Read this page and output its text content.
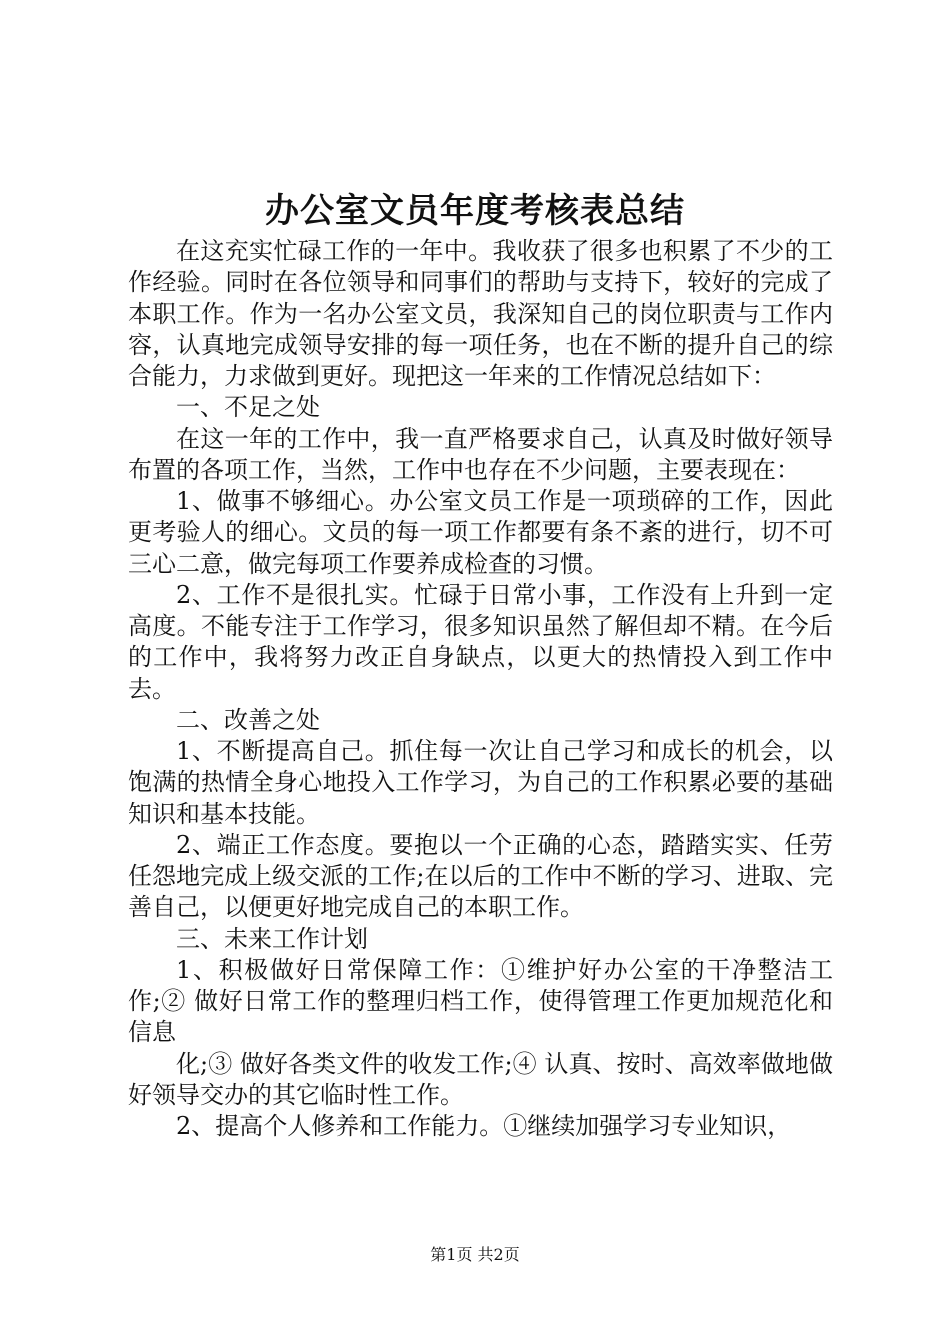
办公室文员年度考核表总结

在这充实忙碌工作的一年中。我收获了很多也积累了不少的工作经验。同时在各位领导和同事们的帮助与支持下，较好的完成了本职工作。作为一名办公室文员，我深知自己的岗位职责与工作内容，认真地完成领导安排的每一项任务，也在不断的提升自己的综合能力，力求做到更好。现把这一年来的工作情况总结如下：

一、不足之处

在这一年的工作中，我一直严格要求自己，认真及时做好领导布置的各项工作，当然，工作中也存在不少问题，主要表现在：

1、做事不够细心。办公室文员工作是一项琐碎的工作，因此更考验人的细心。文员的每一项工作都要有条不紊的进行，切不可三心二意，做完每项工作要养成检查的习惯。

2、工作不是很扎实。忙碌于日常小事，工作没有上升到一定高度。不能专注于工作学习，很多知识虽然了解但却不精。在今后的工作中，我将努力改正自身缺点，以更大的热情投入到工作中去。

二、改善之处

1、不断提高自己。抓住每一次让自己学习和成长的机会，以饱满的热情全身心地投入工作学习，为自己的工作积累必要的基础知识和基本技能。

2、端正工作态度。要抱以一个正确的心态，踏踏实实、任劳任怨地完成上级交派的工作;在以后的工作中不断的学习、进取、完善自己，以便更好地完成自己的本职工作。

三、未来工作计划

1、积极做好日常保障工作：①维护好办公室的干净整洁工作;② 做好日常工作的整理归档工作，使得管理工作更加规范化和信息

化;③ 做好各类文件的收发工作;④ 认真、按时、高效率做地做好领导交办的其它临时性工作。

2、提高个人修养和工作能力。①继续加强学习专业知识，

第1页 共2页
